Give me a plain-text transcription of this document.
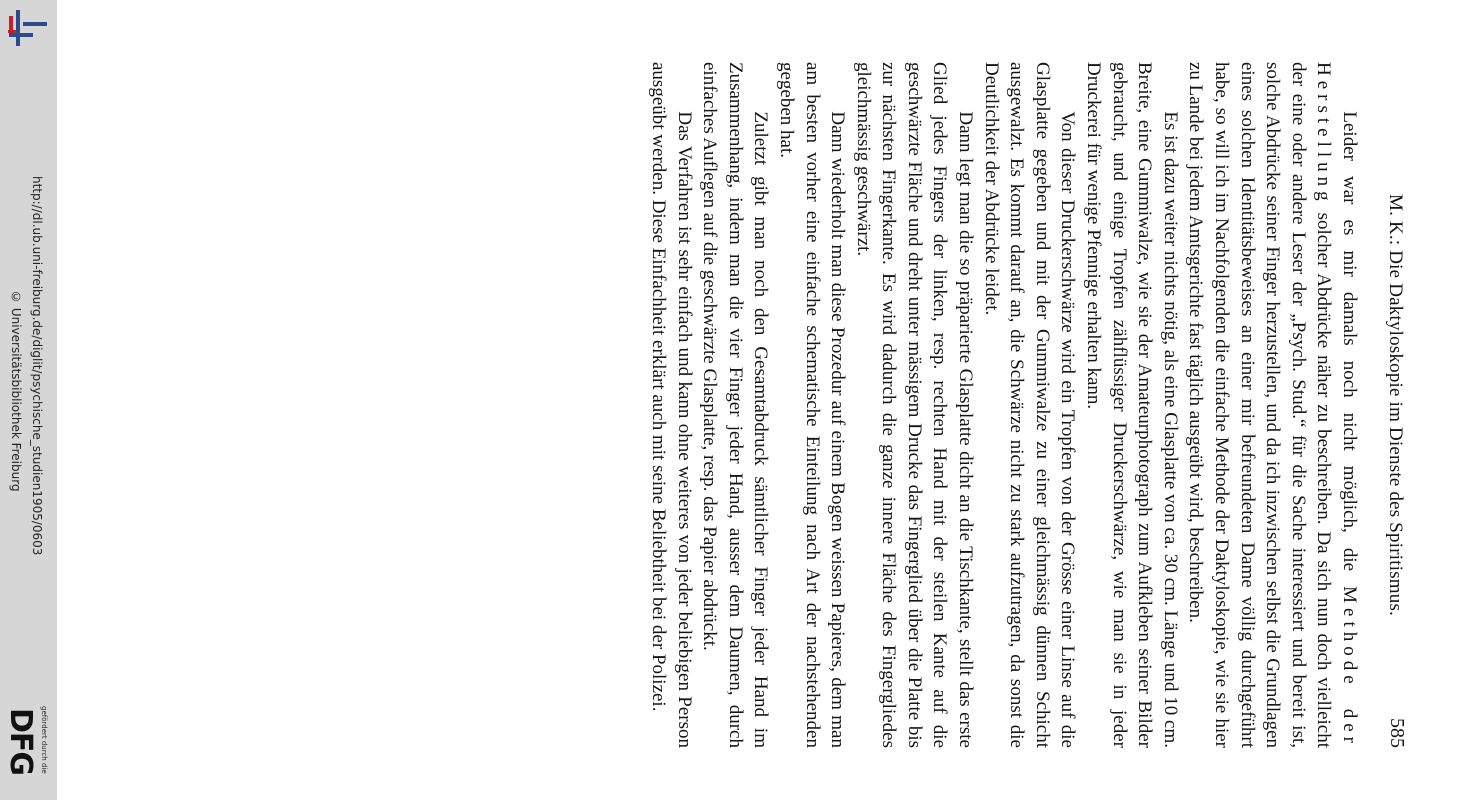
http://dl.ub.uni-freiburg.de/diglit/psychische_studien1905/0603
© Universitätsbibliothek Freiburg
gefördert durch die
DFG
M. K.: Die Daktyloskopie im Dienste des Spiritismus.
585

Leider war es mir damals noch nicht möglich, die Methode der Herstellung solcher Abdrücke näher zu beschreiben. Da sich nun doch vielleicht der eine oder andere Leser der „Psych. Stud.“ für die Sache interessiert und bereit ist, solche Abdrücke seiner Finger herzustellen, und da ich inzwischen selbst die Grundlagen eines solchen Identitätsbeweises an einer mir befreundeten Dame völlig durchgeführt habe, so will ich im Nachfolgenden die einfache Methode der Daktyloskopie, wie sie hier zu Lande bei jedem Amtsgerichte fast täglich ausgeübt wird, beschreiben.

Es ist dazu weiter nichts nötig, als eine Glasplatte von ca. 30 cm. Länge und 10 cm. Breite, eine Gummiwalze, wie sie der Amateurphotograph zum Aufkleben seiner Bilder gebraucht, und einige Tropfen zähflüssiger Druckerschwärze, wie man sie in jeder Druckerei für wenige Pfennige erhalten kann.

Von dieser Druckerschwärze wird ein Tropfen von der Grösse einer Linse auf die Glasplatte gegeben und mit der Gummiwalze zu einer gleichmässig dünnen Schicht ausgewalzt. Es kommt darauf an, die Schwärze nicht zu stark aufzutragen, da sonst die Deutlichkeit der Abdrücke leidet.

Dann legt man die so präparierte Glasplatte dicht an die Tischkante, stellt das erste Glied jedes Fingers der linken, resp. rechten Hand mit der steilen Kante auf die geschwärzte Fläche und dreht unter mässigem Drucke das Fingerglied über die Platte bis zur nächsten Fingerkante. Es wird dadurch die ganze innere Fläche des Fingergliedes gleichmässig geschwärzt.

Dann wiederholt man diese Prozedur auf einem Bogen weissen Papieres, dem man am besten vorher eine einfache schematische Einteilung nach Art der nachstehenden gegeben hat.

Zuletzt gibt man noch den Gesamtabdruck sämtlicher Finger jeder Hand im Zusammenhang, indem man die vier Finger jeder Hand, ausser dem Daumen, durch einfaches Auflegen auf die geschwärzte Glasplatte, resp. das Papier abdrückt.

Das Verfahren ist sehr einfach und kann ohne weiteres von jeder beliebigen Person ausgeübt werden. Diese Einfachheit erklärt auch mit seine Beliebtheit bei der Polizei.
